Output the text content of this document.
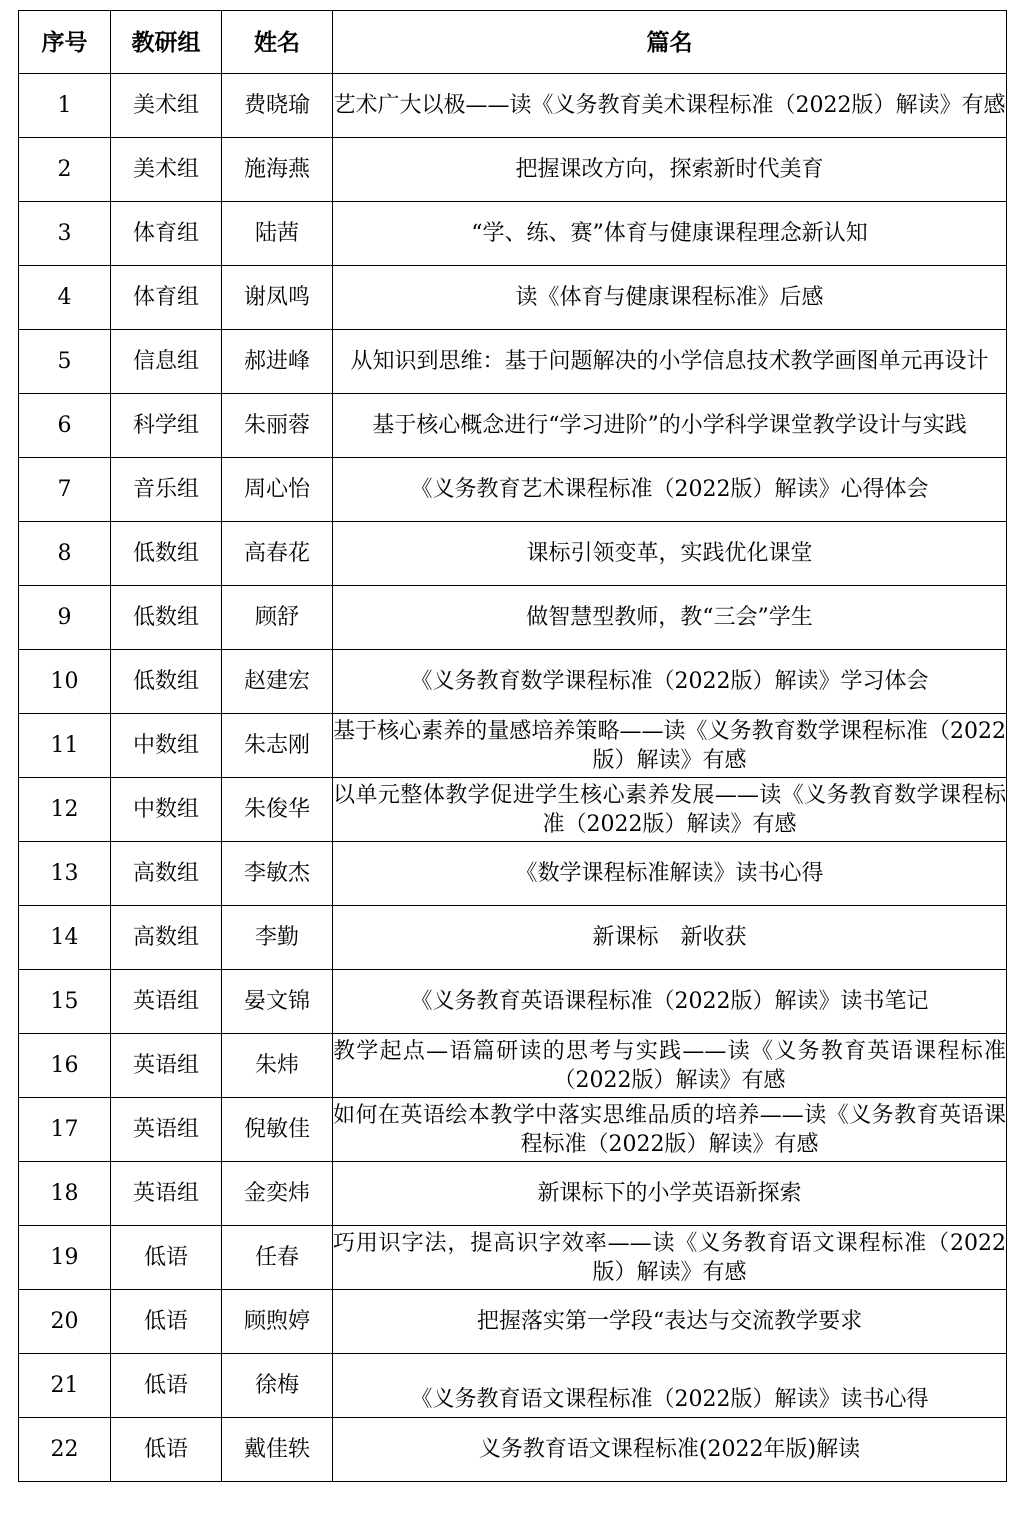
序号	教研组	姓名	篇名
1	美术组	费晓瑜	艺术广大以极——读《义务教育美术课程标准（2022版）解读》有感

2	美术组	施海燕	把握课改方向，探索新时代美育

3	体育组	陆茜	“学、练、赛”体育与健康课程理念新认知

4	体育组	谢凤鸣	读《体育与健康课程标准》后感

5	信息组	郝进峰	从知识到思维：基于问题解决的小学信息技术教学画图单元再设计

6	科学组	朱丽蓉	基于核心概念进行“学习进阶”的小学科学课堂教学设计与实践

7	音乐组	周心怡	《义务教育艺术课程标准（2022版）解读》心得体会

8	低数组	高春花	课标引领变革，实践优化课堂

9	低数组	顾舒	做智慧型教师，教“三会”学生

10	低数组	赵建宏	《义务教育数学课程标准（2022版）解读》学习体会

11	中数组	朱志刚	基于核心素养的量感培养策略——读《义务教育数学课程标准（2022版）解读》有感

12	中数组	朱俊华	以单元整体教学促进学生核心素养发展——读《义务教育数学课程标准（2022版）解读》有感

13	高数组	李敏杰	《数学课程标准解读》读书心得

14	高数组	李勤	新课标　新收获

15	英语组	晏文锦	《义务教育英语课程标准（2022版）解读》读书笔记

16	英语组	朱炜	教学起点—语篇研读的思考与实践——读《义务教育英语课程标准（2022版）解读》有感

17	英语组	倪敏佳	如何在英语绘本教学中落实思维品质的培养——读《义务教育英语课程标准（2022版）解读》有感

18	英语组	金奕炜	新课标下的小学英语新探索

19	低语	任春	巧用识字法，提高识字效率——读《义务教育语文课程标准（2022版）解读》有感

20	低语	顾煦婷	把握落实第一学段“表达与交流教学要求

21	低语	徐梅	《义务教育语文课程标准（2022版）解读》读书心得

22	低语	戴佳轶	义务教育语文课程标准(2022年版)解读
